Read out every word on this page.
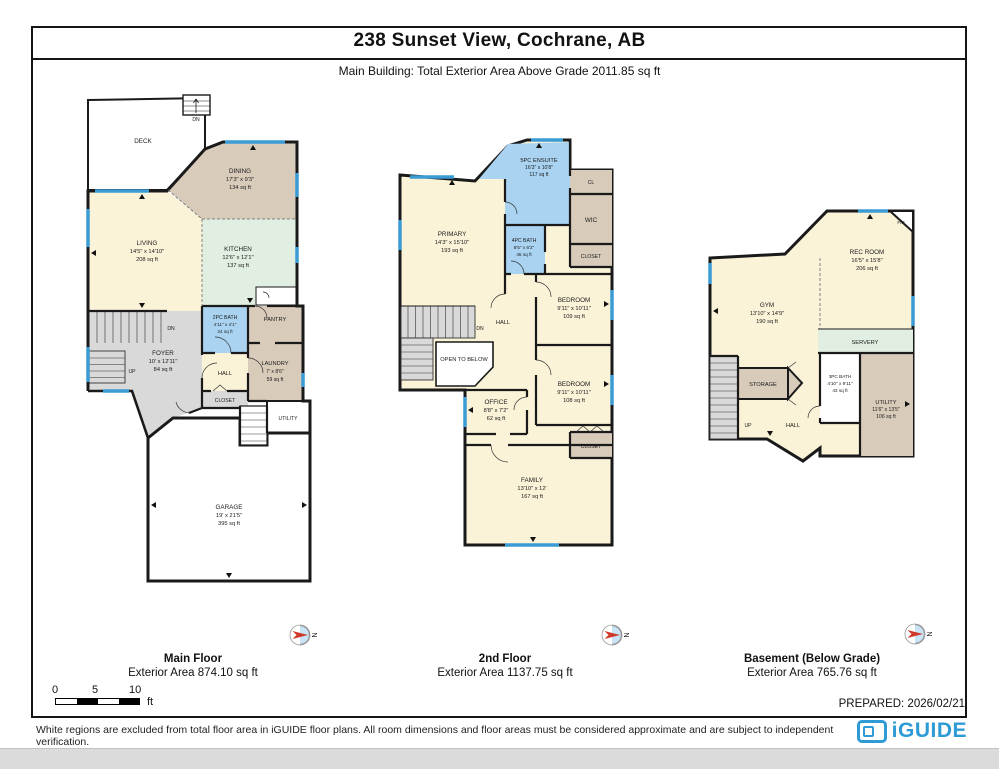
238 Sunset View, Cochrane, AB
Main Building: Total Exterior Area Above Grade 2011.85 sq ft
DECK
DINING
17'3" x 9'3"
134 sq ft
LIVING
14'5" x 14'10"
208 sq ft
KITCHEN
12'6" x 12'1"
137 sq ft
2PC BATH
4'11" x 4'1"
24 sq ft
PANTRY
FOYER
10' x 12'11"
84 sq ft
HALL
LAUNDRY
7' x 8'6"
59 sq ft
CLOSET
UTILITY
GARAGE
19' x 21'5"
395 sq ft
DN
UP
DN
5PC ENSUITE
16'3" x 10'8"
117 sq ft
CL
WIC
PRIMARY
14'3" x 15'10"
193 sq ft
4PC BATH
8'5" x 6'2"
46 sq ft	CLOSET
BEDROOM
9'11" x 10'11"
109 sq ft
HALL
DN
OPEN TO BELOW
OFFICE
8'8" x 7'2"
62 sq ft
BEDROOM
9'11" x 10'11"
108 sq ft
CLOSET
FAMILY
13'10" x 12'
167 sq ft
F/P
REC ROOM
16'5" x 15'8"
206 sq ft
GYM
13'10" x 14'9"
190 sq ft
SERVERY
STORAGE
3PC BATH
4'10" x 9'11"
43 sq ft
UTILITY
11'6" x 13'5"
106 sq ft
HALL
UP
N	N	N
Main Floor
Exterior Area 874.10 sq ft
2nd Floor
Exterior Area 1137.75 sq ft
Basement (Below Grade)
Exterior Area 765.76 sq ft
0	5	10
ft	PREPARED: 2026/02/21
White regions are excluded from total floor area in iGUIDE floor plans. All room dimensions and floor areas must be considered approximate and are subject to independent verification.	iGUIDE
